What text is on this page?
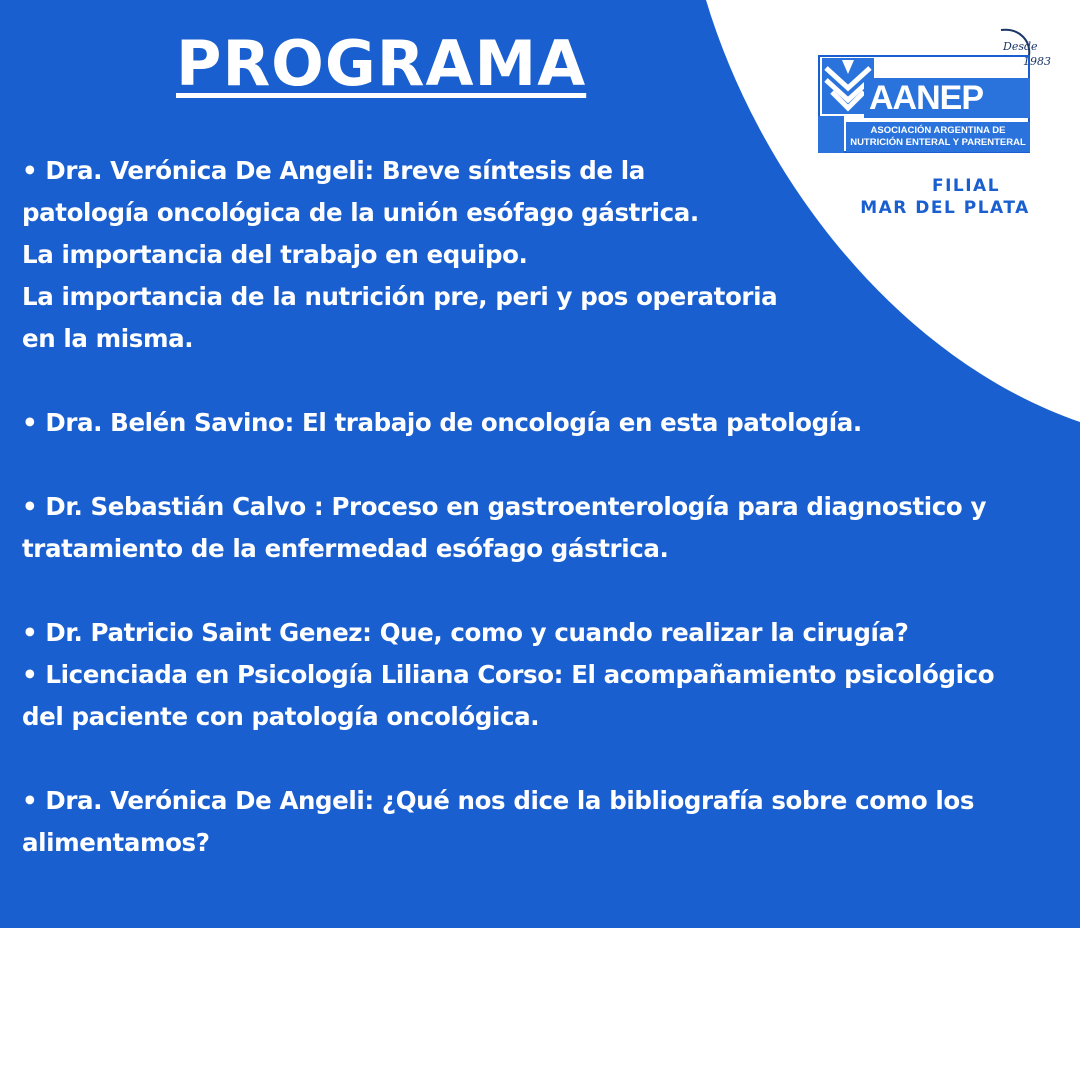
PROGRAMA
• Dra. Verónica De Angeli: Breve síntesis de la
patología oncológica de la unión esófago gástrica.
La importancia del trabajo en equipo.
La importancia de la nutrición pre, peri y pos operatoria
en la misma.
• Dra. Belén Savino: El trabajo de oncología en esta patología.
• Dr. Sebastián Calvo : Proceso en gastroenterología para diagnostico y
tratamiento de la enfermedad esófago gástrica.
• Dr. Patricio Saint Genez: Que, como y cuando realizar la cirugía?
• Licenciada en Psicología Liliana Corso: El acompañamiento psicológico
del paciente con patología oncológica.
• Dra. Verónica De Angeli: ¿Qué nos dice la bibliografía sobre como los
alimentamos?
Desde
1983
AANEP
ASOCIACIÓN ARGENTINA DE
NUTRICIÓN ENTERAL Y PARENTERAL
FILIAL
MAR DEL PLATA
